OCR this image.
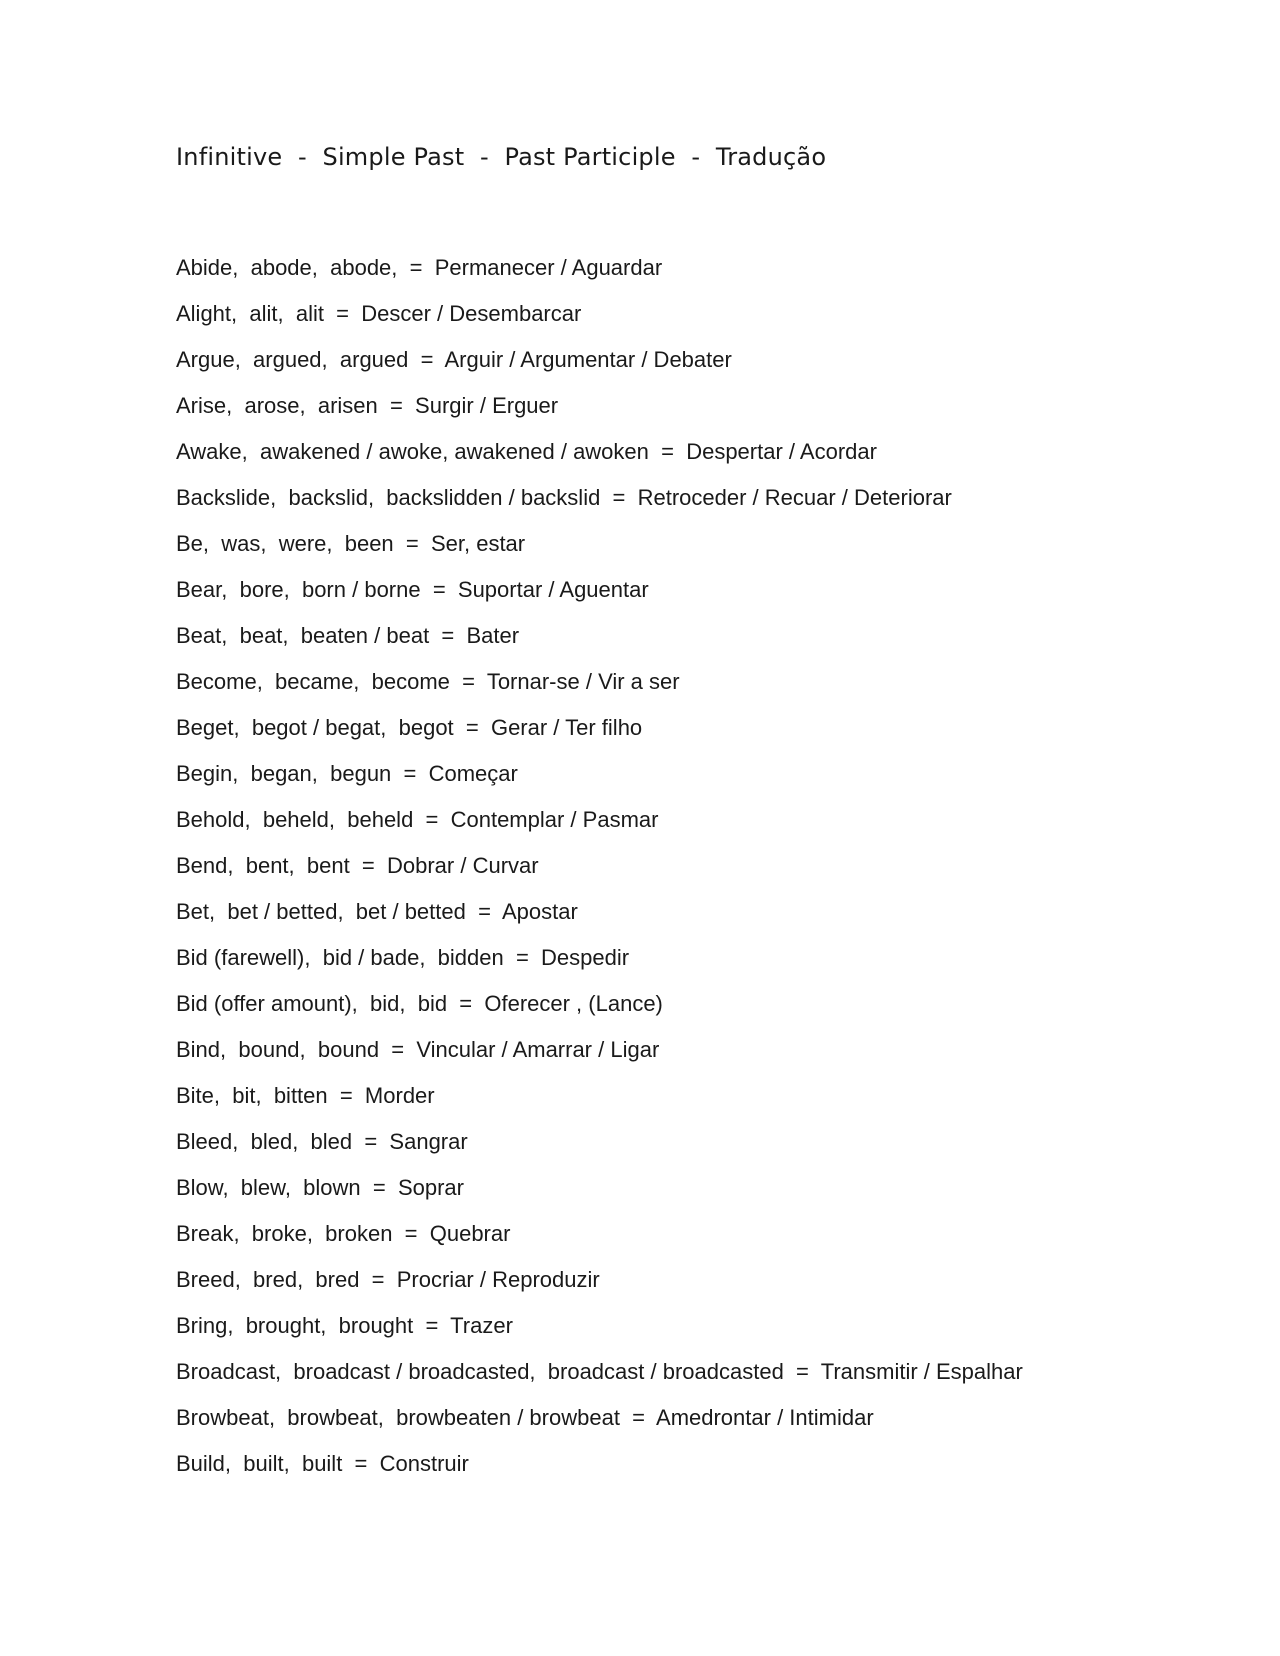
Infinitive  -  Simple Past  -  Past Participle  -  Tradução
Abide,  abode,  abode,  =  Permanecer / Aguardar
Alight,  alit,  alit  =  Descer / Desembarcar
Argue,  argued,  argued  =  Arguir / Argumentar / Debater
Arise,  arose,  arisen  =  Surgir / Erguer
Awake,  awakened / awoke, awakened / awoken  =  Despertar / Acordar
Backslide,  backslid,  backslidden / backslid  =  Retroceder / Recuar / Deteriorar
Be,  was,  were,  been  =  Ser, estar
Bear,  bore,  born / borne  =  Suportar / Aguentar
Beat,  beat,  beaten / beat  =  Bater
Become,  became,  become  =  Tornar-se / Vir a ser
Beget,  begot / begat,  begot  =  Gerar / Ter filho
Begin,  began,  begun  =  Começar
Behold,  beheld,  beheld  =  Contemplar / Pasmar
Bend,  bent,  bent  =  Dobrar / Curvar
Bet,  bet / betted,  bet / betted  =  Apostar
Bid (farewell),  bid / bade,  bidden  =  Despedir
Bid (offer amount),  bid,  bid  =  Oferecer , (Lance)
Bind,  bound,  bound  =  Vincular / Amarrar / Ligar
Bite,  bit,  bitten  =  Morder
Bleed,  bled,  bled  =  Sangrar
Blow,  blew,  blown  =  Soprar
Break,  broke,  broken  =  Quebrar
Breed,  bred,  bred  =  Procriar / Reproduzir
Bring,  brought,  brought  =  Trazer
Broadcast,  broadcast / broadcasted,  broadcast / broadcasted  =  Transmitir / Espalhar
Browbeat,  browbeat,  browbeaten / browbeat  =  Amedrontar / Intimidar
Build,  built,  built  =  Construir
